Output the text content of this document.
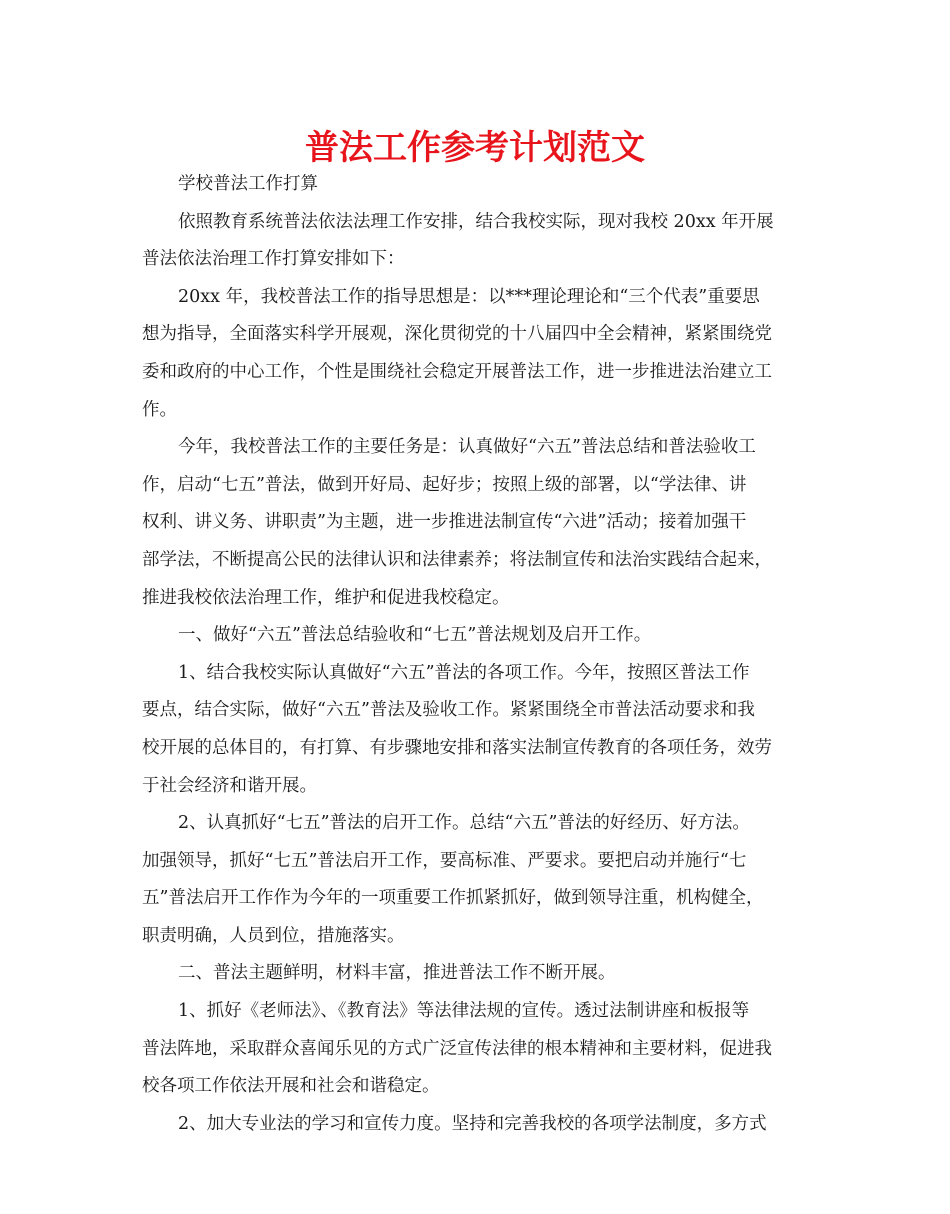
普法工作参考计划范文
学校普法工作打算
依照教育系统普法依法法理工作安排，结合我校实际，现对我校 20xx 年开展
普法依法治理工作打算安排如下：
20xx 年，我校普法工作的指导思想是：以***理论理论和“三个代表”重要思
想为指导，全面落实科学开展观，深化贯彻党的十八届四中全会精神，紧紧围绕党
委和政府的中心工作，个性是围绕社会稳定开展普法工作，进一步推进法治建立工
作。
今年，我校普法工作的主要任务是：认真做好“六五”普法总结和普法验收工
作，启动“七五”普法，做到开好局、起好步；按照上级的部署，以“学法律、讲
权利、讲义务、讲职责”为主题，进一步推进法制宣传“六进”活动；接着加强干
部学法，不断提高公民的法律认识和法律素养；将法制宣传和法治实践结合起来，
推进我校依法治理工作，维护和促进我校稳定。
一、做好“六五”普法总结验收和“七五”普法规划及启开工作。
1、结合我校实际认真做好“六五”普法的各项工作。今年，按照区普法工作
要点，结合实际，做好“六五”普法及验收工作。紧紧围绕全市普法活动要求和我
校开展的总体目的，有打算、有步骤地安排和落实法制宣传教育的各项任务，效劳
于社会经济和谐开展。
2、认真抓好“七五”普法的启开工作。总结“六五”普法的好经历、好方法。
加强领导，抓好“七五”普法启开工作，要高标准、严要求。要把启动并施行“七
五”普法启开工作作为今年的一项重要工作抓紧抓好，做到领导注重，机构健全，
职责明确，人员到位，措施落实。
二、普法主题鲜明，材料丰富，推进普法工作不断开展。
1、抓好《老师法》、《教育法》等法律法规的宣传。透过法制讲座和板报等
普法阵地，采取群众喜闻乐见的方式广泛宣传法律的根本精神和主要材料，促进我
校各项工作依法开展和社会和谐稳定。
2、加大专业法的学习和宣传力度。坚持和完善我校的各项学法制度，多方式
